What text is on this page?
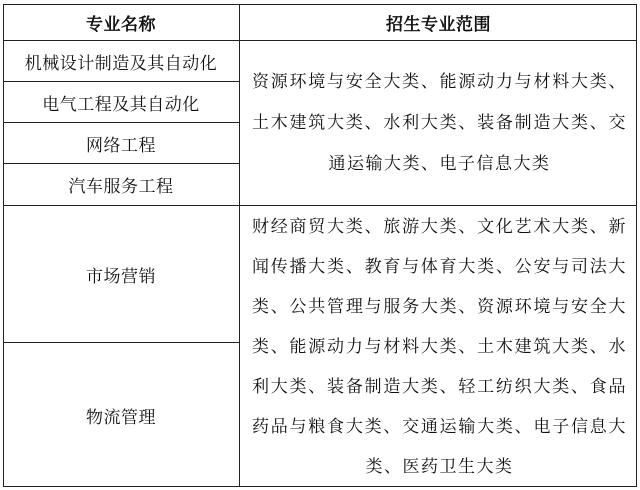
专业名称	招生专业范围
机械设计制造及其自动化
电气工程及其自动化
网络工程
汽车服务工程
资源环境与安全大类、能源动力与材料大类、土木建筑大类、水利大类、装备制造大类、交通运输大类、电子信息大类
市场营销
物流管理
财经商贸大类、旅游大类、文化艺术大类、新闻传播大类、教育与体育大类、公安与司法大类、公共管理与服务大类、资源环境与安全大类、能源动力与材料大类、土木建筑大类、水利大类、装备制造大类、轻工纺织大类、食品药品与粮食大类、交通运输大类、电子信息大类、医药卫生大类
